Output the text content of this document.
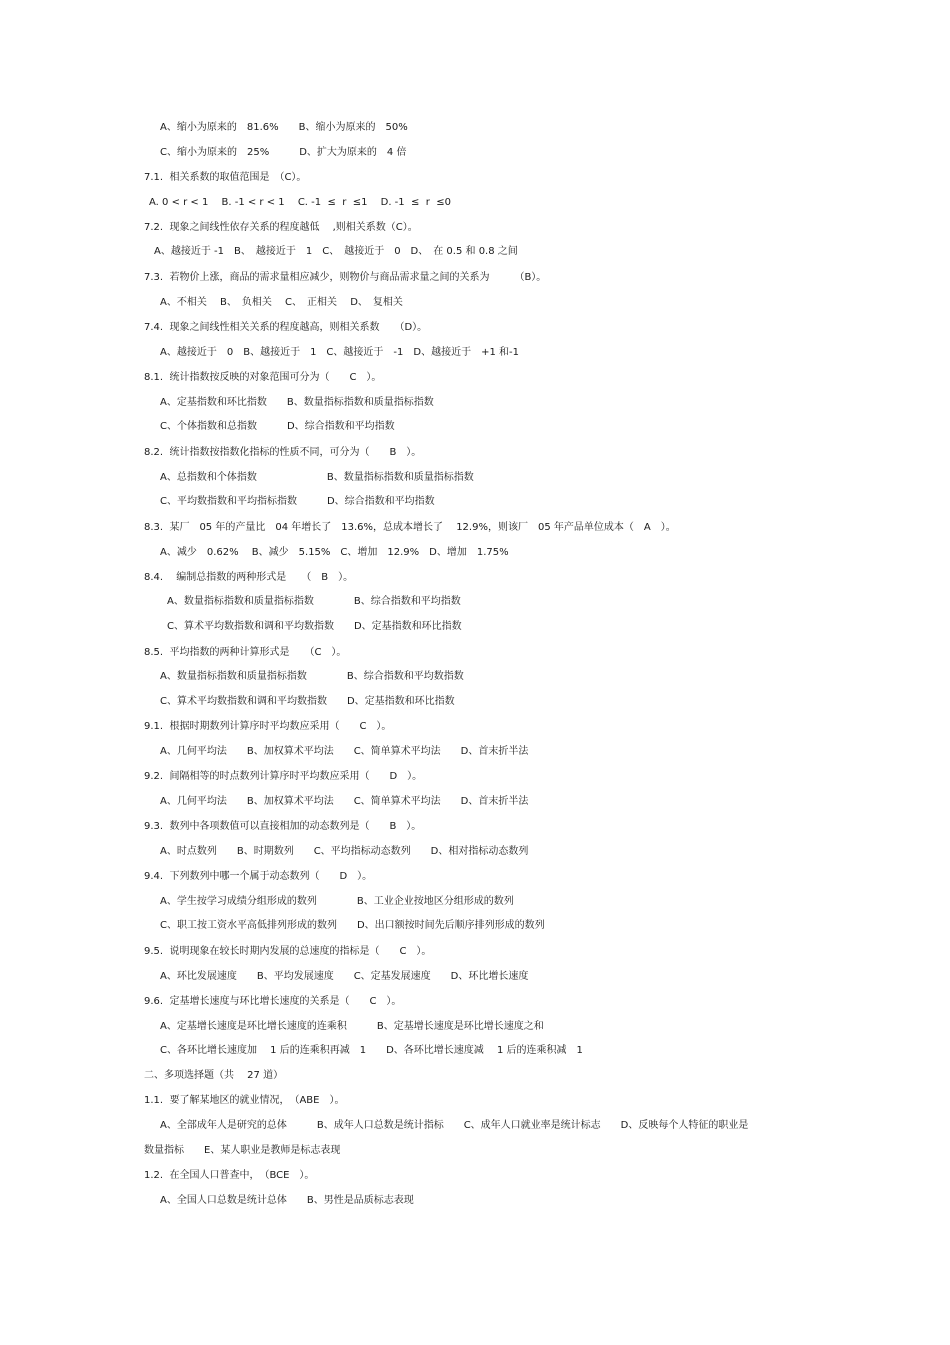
A、缩小为原来的　81.6%　　B、缩小为原来的　50%
C、缩小为原来的　25%　　　D、扩大为原来的　4 倍
7.1.  相关系数的取值范围是　（C）。
A. 0 < r < 1　 B. -1 < r < 1　 C. -1  ≤  r  ≤1　 D. -1  ≤  r  ≤0
7.2.  现象之间线性依存关系的程度越低　 ,则相关系数（C）。
A、越接近于 -1　B、　越接近于　1　C、　越接近于　0　D、　在 0.5 和 0.8 之间
7.3.  若物价上涨，商品的需求量相应减少，则物价与商品需求量之间的关系为　　　（B）。
A、不相关　 B、　负相关　 C、　正相关　 D、　复相关
7.4.  现象之间线性相关关系的程度越高，则相关系数　　（D）。
A、越接近于　0　B、越接近于　1　C、越接近于　-1　D、越接近于　+1 和-1
8.1.  统计指数按反映的对象范围可分为（　　C　）。
A、定基指数和环比指数　　B、数量指标指数和质量指标指数
C、个体指数和总指数　　　D、综合指数和平均指数
8.2.  统计指数按指数化指标的性质不同，可分为（　　B　）。
A、总指数和个体指数　　　　　　　B、数量指标指数和质量指标指数
C、平均数指数和平均指标指数　　　D、综合指数和平均指数
8.3.  某厂　05 年的产量比　04 年增长了　13.6%，总成本增长了　 12.9%，则该厂　05 年产品单位成本（　A　）。
A、减少　0.62%　 B、减少　5.15%　C、增加　12.9%　D、增加　1.75%
8.4.　 编制总指数的两种形式是　　（　B　）。
A、数量指标指数和质量指标指数　　　　B、综合指数和平均指数
C、算术平均数指数和调和平均数指数　　D、定基指数和环比指数
8.5.  平均指数的两种计算形式是　　（C　）。
A、数量指标指数和质量指标指数　　　　B、综合指数和平均数指数
C、算术平均数指数和调和平均数指数　　D、定基指数和环比指数
9.1.  根据时期数列计算序时平均数应采用（　　C　）。
A、几何平均法　　B、加权算术平均法　　C、简单算术平均法　　D、首末折半法
9.2.  间隔相等的时点数列计算序时平均数应采用（　　D　）。
A、几何平均法　　B、加权算术平均法　　C、简单算术平均法　　D、首末折半法
9.3.  数列中各项数值可以直接相加的动态数列是（　　B　）。
A、时点数列　　B、时期数列　　C、平均指标动态数列　　D、相对指标动态数列
9.4.  下列数列中哪一个属于动态数列（　　D　）。
A、学生按学习成绩分组形成的数列　　　　B、工业企业按地区分组形成的数列
C、职工按工资水平高低排列形成的数列　　D、出口额按时间先后顺序排列形成的数列
9.5.  说明现象在较长时期内发展的总速度的指标是（　　C　）。
A、环比发展速度　　B、平均发展速度　　C、定基发展速度　　D、环比增长速度
9.6.  定基增长速度与环比增长速度的关系是（　　C　）。
A、定基增长速度是环比增长速度的连乘积　　　B、定基增长速度是环比增长速度之和
C、各环比增长速度加　 1 后的连乘积再减　1　　D、各环比增长速度减　 1 后的连乘积减　1
二、多项选择题（共　 27 道）
1.1.  要了解某地区的就业情况，　（ABE　）。
A、全部成年人是研究的总体　　　B、成年人口总数是统计指标　　C、成年人口就业率是统计标志　　D、反映每个人特征的职业是
数量指标　　E、某人职业是教师是标志表现
1.2.  在全国人口普查中，　（BCE　）。
A、全国人口总数是统计总体　　B、男性是品质标志表现
